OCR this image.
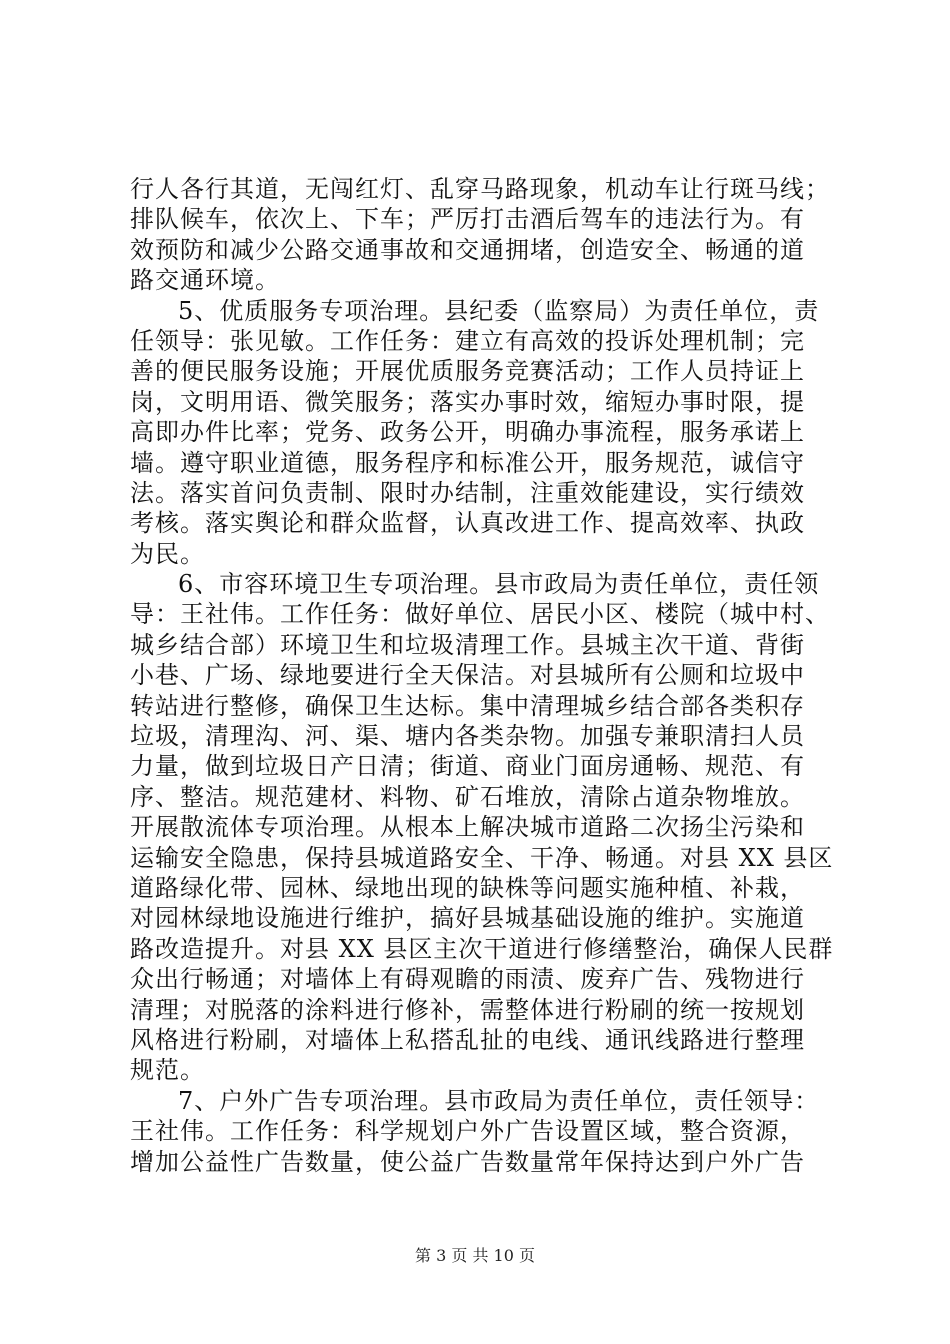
行人各行其道，无闯红灯、乱穿马路现象，机动车让行斑马线；
排队候车，依次上、下车；严厉打击酒后驾车的违法行为。有
效预防和减少公路交通事故和交通拥堵，创造安全、畅通的道
路交通环境。
5、优质服务专项治理。县纪委（监察局）为责任单位，责
任领导：张见敏。工作任务：建立有高效的投诉处理机制；完
善的便民服务设施；开展优质服务竞赛活动；工作人员持证上
岗，文明用语、微笑服务；落实办事时效，缩短办事时限，提
高即办件比率；党务、政务公开，明确办事流程，服务承诺上
墙。遵守职业道德，服务程序和标准公开，服务规范，诚信守
法。落实首问负责制、限时办结制，注重效能建设，实行绩效
考核。落实舆论和群众监督，认真改进工作、提高效率、执政
为民。
6、市容环境卫生专项治理。县市政局为责任单位，责任领
导：王社伟。工作任务：做好单位、居民小区、楼院（城中村、
城乡结合部）环境卫生和垃圾清理工作。县城主次干道、背街
小巷、广场、绿地要进行全天保洁。对县城所有公厕和垃圾中
转站进行整修，确保卫生达标。集中清理城乡结合部各类积存
垃圾，清理沟、河、渠、塘内各类杂物。加强专兼职清扫人员
力量，做到垃圾日产日清；街道、商业门面房通畅、规范、有
序、整洁。规范建材、料物、矿石堆放，清除占道杂物堆放。
开展散流体专项治理。从根本上解决城市道路二次扬尘污染和
运输安全隐患，保持县城道路安全、干净、畅通。对县 XX 县区
道路绿化带、园林、绿地出现的缺株等问题实施种植、补栽，
对园林绿地设施进行维护，搞好县城基础设施的维护。实施道
路改造提升。对县 XX 县区主次干道进行修缮整治，确保人民群
众出行畅通；对墙体上有碍观瞻的雨渍、废弃广告、残物进行
清理；对脱落的涂料进行修补，需整体进行粉刷的统一按规划
风格进行粉刷，对墙体上私搭乱扯的电线、通讯线路进行整理
规范。
7、户外广告专项治理。县市政局为责任单位，责任领导：
王社伟。工作任务：科学规划户外广告设置区域，整合资源，
增加公益性广告数量，使公益广告数量常年保持达到户外广告
第 3 页 共 10 页
